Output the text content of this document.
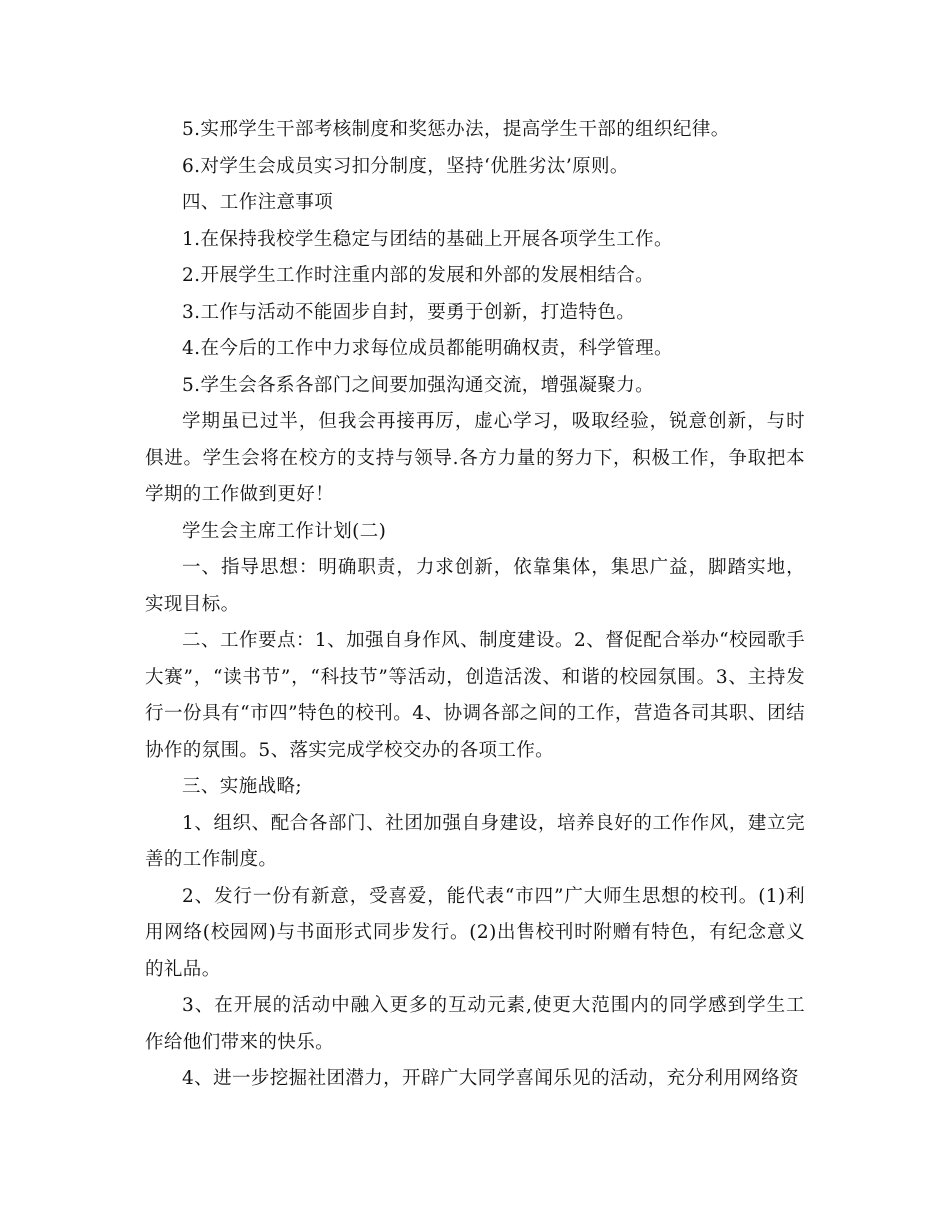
5.实邢学生干部考核制度和奖惩办法，提高学生干部的组织纪律。

6.对学生会成员实习扣分制度，坚持‘优胜劣汰’原则。

四、工作注意事项

1.在保持我校学生稳定与团结的基础上开展各项学生工作。

2.开展学生工作时注重内部的发展和外部的发展相结合。

3.工作与活动不能固步自封，要勇于创新，打造特色。

4.在今后的工作中力求每位成员都能明确权责，科学管理。

5.学生会各系各部门之间要加强沟通交流，增强凝聚力。

学期虽已过半，但我会再接再厉，虚心学习，吸取经验，锐意创新，与时俱进。学生会将在校方的支持与领导.各方力量的努力下，积极工作，争取把本学期的工作做到更好！

学生会主席工作计划(二)

一、指导思想：明确职责，力求创新，依靠集体，集思广益，脚踏实地，实现目标。

二、工作要点：1、加强自身作风、制度建设。2、督促配合举办“校园歌手大赛”，“读书节”，“科技节”等活动，创造活泼、和谐的校园氛围。3、主持发行一份具有“市四”特色的校刊。4、协调各部之间的工作，营造各司其职、团结协作的氛围。5、落实完成学校交办的各项工作。

三、实施战略;

1、组织、配合各部门、社团加强自身建设，培养良好的工作作风，建立完善的工作制度。

2、发行一份有新意，受喜爱，能代表“市四”广大师生思想的校刊。(1)利用网络(校园网)与书面形式同步发行。(2)出售校刊时附赠有特色，有纪念意义的礼品。

3、在开展的活动中融入更多的互动元素,使更大范围内的同学感到学生工作给他们带来的快乐。

4、进一步挖掘社团潜力，开辟广大同学喜闻乐见的活动，充分利用网络资
